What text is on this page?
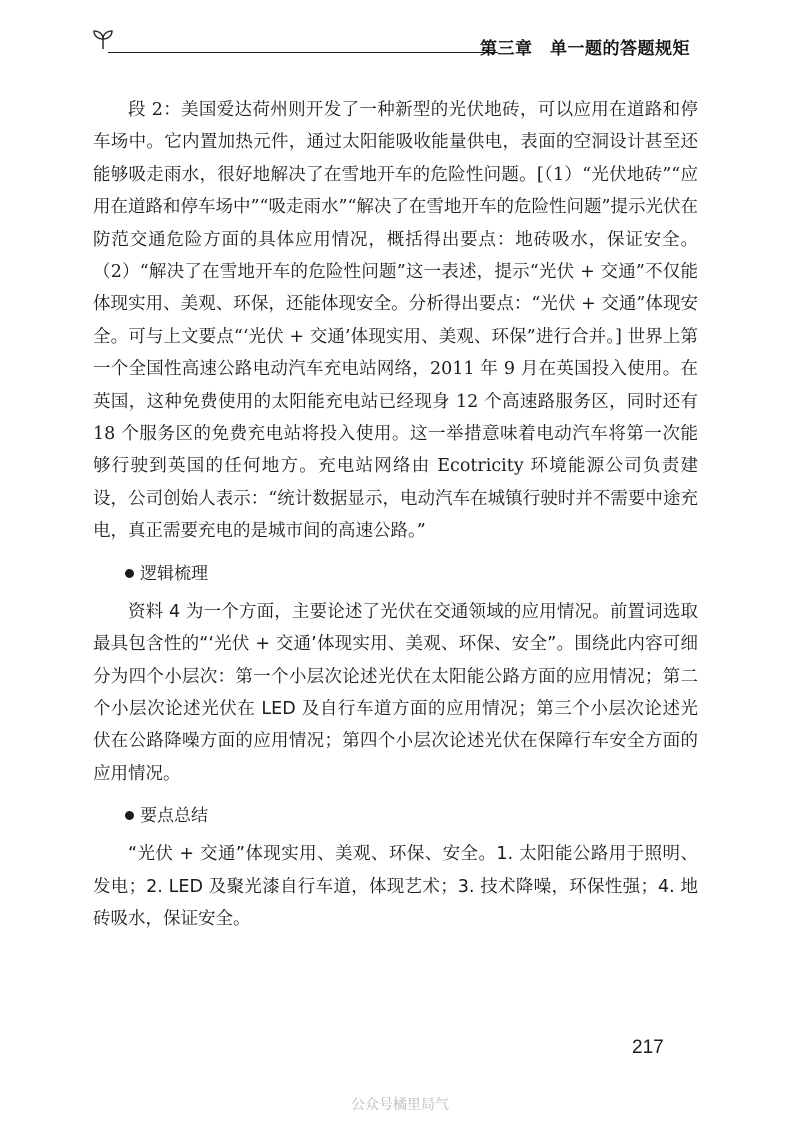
第三章　单一题的答题规矩

段 2：美国爱达荷州则开发了一种新型的光伏地砖，可以应用在道路和停车场中。它内置加热元件，通过太阳能吸收能量供电，表面的空洞设计甚至还能够吸走雨水，很好地解决了在雪地开车的危险性问题。[（1）“光伏地砖”“应用在道路和停车场中”“吸走雨水”“解决了在雪地开车的危险性问题”提示光伏在防范交通危险方面的具体应用情况，概括得出要点：地砖吸水，保证安全。（2）“解决了在雪地开车的危险性问题”这一表述，提示“光伏 + 交通”不仅能体现实用、美观、环保，还能体现安全。分析得出要点：“光伏 + 交通”体现安全。可与上文要点“‘光伏 + 交通’体现实用、美观、环保”进行合并。] 世界上第一个全国性高速公路电动汽车充电站网络，2011 年 9 月在英国投入使用。在英国，这种免费使用的太阳能充电站已经现身 12 个高速路服务区，同时还有 18 个服务区的免费充电站将投入使用。这一举措意味着电动汽车将第一次能够行驶到英国的任何地方。充电站网络由 Ecotricity 环境能源公司负责建设，公司创始人表示：“统计数据显示，电动汽车在城镇行驶时并不需要中途充电，真正需要充电的是城市间的高速公路。”

逻辑梳理

资料 4 为一个方面，主要论述了光伏在交通领域的应用情况。前置词选取最具包含性的“‘光伏 + 交通’体现实用、美观、环保、安全”。围绕此内容可细分为四个小层次：第一个小层次论述光伏在太阳能公路方面的应用情况；第二个小层次论述光伏在 LED 及自行车道方面的应用情况；第三个小层次论述光伏在公路降噪方面的应用情况；第四个小层次论述光伏在保障行车安全方面的应用情况。

要点总结

“光伏 + 交通”体现实用、美观、环保、安全。1. 太阳能公路用于照明、发电；2. LED 及聚光漆自行车道，体现艺术；3. 技术降噪，环保性强；4. 地砖吸水，保证安全。

217
公众号橘里局气
